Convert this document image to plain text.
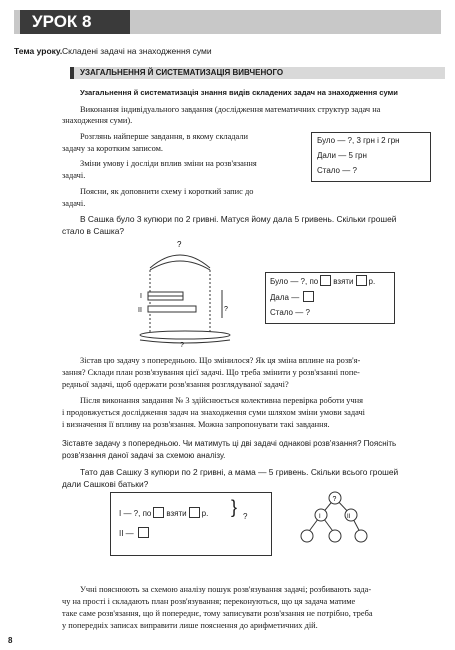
УРОК 8
Тема уроку. Складені задачі на знаходження суми
УЗАГАЛЬНЕННЯ Й СИСТЕМАТИЗАЦІЯ ВИВЧЕНОГО
Узагальнення й систематизація знання видів складених задач на знаходження суми
Виконання індивідуального завдання (дослідження математичних структур задач на
знаходження суми).
Розглянь найперше завдання, в якому складали
задачу за коротким записом.
Зміни умову і досліди вплив зміни на розв'язання
задачі.
Поясни, як доповнити схему і короткий запис до
задачі.
Було — ?, 3 грн і 2 грн
Дали — 5 грн
Стало — ?
В Сашка було 3 купюри по 2 гривні. Матуся йому дала 5 гривень. Скільки грошей
стало в Сашка?
?
I
II
?
?
Було — ?, по взяти р.
Дала —
Стало — ?
Зістав цю задачу з попередньою. Що змінилося? Як ця зміна вплине на розв'я-
зання? Склади план розв'язування цієї задачі. Що треба змінити у розв'язанні попе-
редньої задачі, щоб одержати розв'язання розглядуваної задачі?
Після виконання завдання № 3 здійснюється колективна перевірка роботи учня
і продовжується дослідження задач на знаходження суми шляхом зміни умови задачі
і визначення її впливу на розв'язання. Можна запропонувати такі завдання.
Зіставте задачу з попередньою. Чи матимуть ці дві задачі однакові розв'язання? Поясніть
розв'язання даної задачі за схемою аналізу.
Тато дав Сашку 3 купюри по 2 гривні, а мама — 5 гривень. Скільки всього грошей
дали Сашкові батьки?
I — ?, по взяти р.
II —
} ?
?
I	II
Учні пояснюють за схемою аналізу пошук розв'язування задачі; розбивають зада-
чу на прості і складають план розв'язування; переконуються, що ця задача матиме
таке саме розв'язання, що й попереднє, тому записувати розв'язання не потрібно, треба
у попередніх записах виправити лише пояснення до арифметичних дій.
8
